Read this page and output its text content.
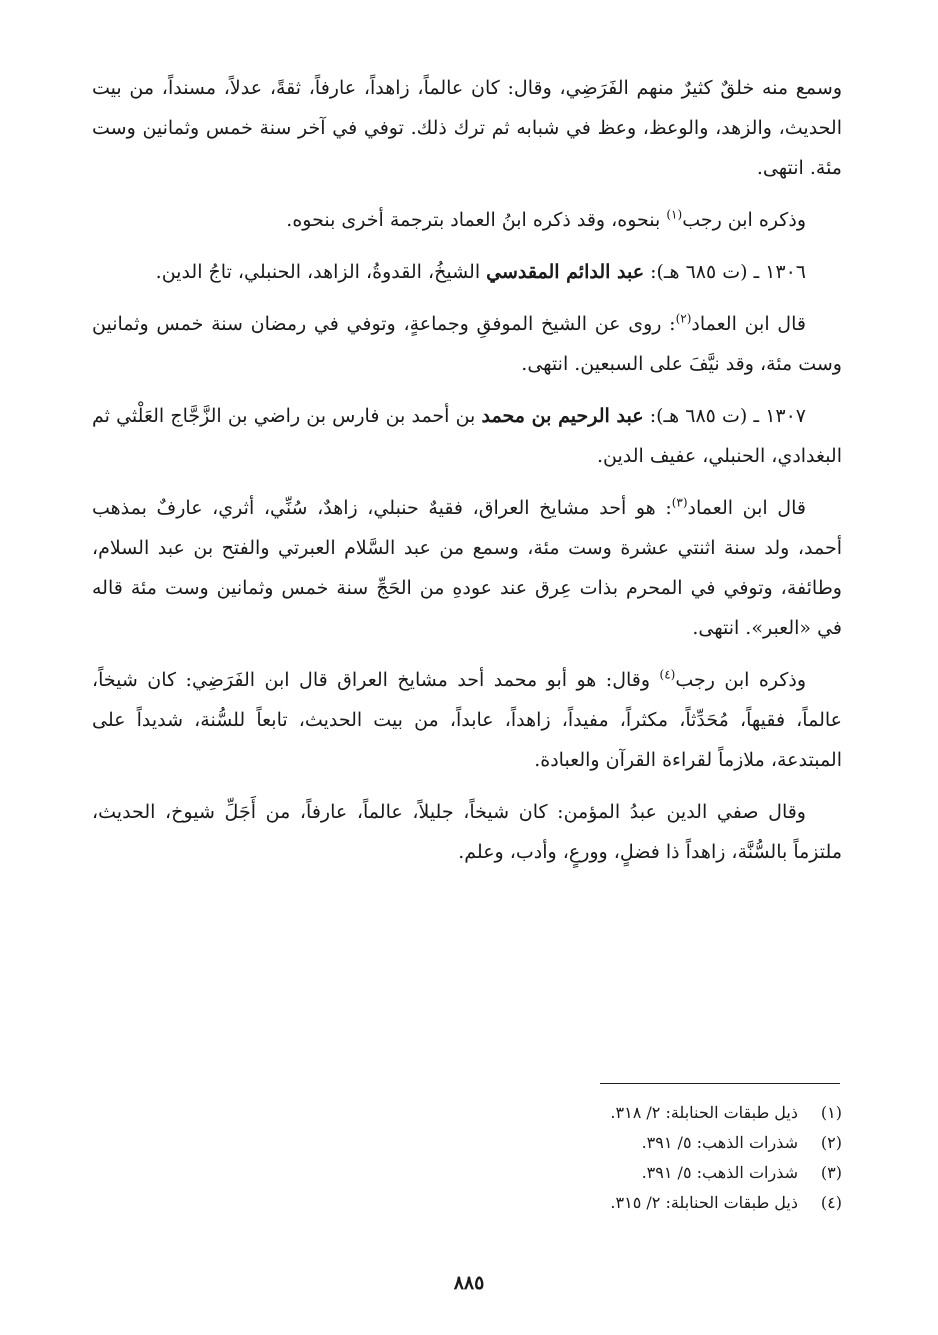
وسمع منه خلقٌ كثيرٌ منهم الفَرَضِي، وقال: كان عالماً، زاهداً، عارفاً، ثقةً، عدلاً، مسنداً، من بيت الحديث، والزهد، والوعظ، وعظ في شبابه ثم ترك ذلك. توفي في آخر سنة خمس وثمانين وست مئة. انتهى.

وذكره ابن رجب$^{(١)}$ بنحوه، وقد ذكره ابنُ العماد بترجمة أخرى بنحوه.

١٣٠٦ ـ (ت ٦٨٥ هـ): عبد الدائم المقدسي الشيخُ، القدوةُ، الزاهد، الحنبلي، تاجُ الدين.

قال ابن العماد$^{(٢)}$: روى عن الشيخ الموفقِ وجماعةٍ، وتوفي في رمضان سنة خمس وثمانين وست مئة، وقد نيَّفَ على السبعين. انتهى.

١٣٠٧ ـ (ت ٦٨٥ هـ): عبد الرحيم بن محمد بن أحمد بن فارس بن راضي بن الزَّجَّاج العَلْثي ثم البغدادي، الحنبلي، عفيف الدين.

قال ابن العماد$^{(٣)}$: هو أحد مشايخ العراق، فقيهٌ حنبلي، زاهدٌ، سُنِّي، أثري، عارفٌ بمذهب أحمد، ولد سنة اثنتي عشرة وست مئة، وسمع من عبد السَّلام العبرتي والفتح بن عبد السلام، وطائفة، وتوفي في المحرم بذات عِرق عند عودهِ من الحَجِّ سنة خمس وثمانين وست مئة قاله في «العبر». انتهى.

وذكره ابن رجب$^{(٤)}$ وقال: هو أبو محمد أحد مشايخ العراق قال ابن الفَرَضِي: كان شيخاً، عالماً، فقيهاً، مُحَدِّثاً، مكثراً، مفيداً، زاهداً، عابداً، من بيت الحديث، تابعاً للسُّنة، شديداً على المبتدعة، ملازماً لقراءة القرآن والعبادة.

وقال صفي الدين عبدُ المؤمن: كان شيخاً، جليلاً، عالماً، عارفاً، من أَجَلِّ شيوخ، الحديث، ملتزماً بالسُّنَّة، زاهداً ذا فضلٍ، وورعٍ، وأدب، وعلم.

(١)ذيل طبقات الحنابلة: ٢/ ٣١٨.

(٢)شذرات الذهب: ٥/ ٣٩١.

(٣)شذرات الذهب: ٥/ ٣٩١.

(٤)ذيل طبقات الحنابلة: ٢/ ٣١٥.

٨٨٥
